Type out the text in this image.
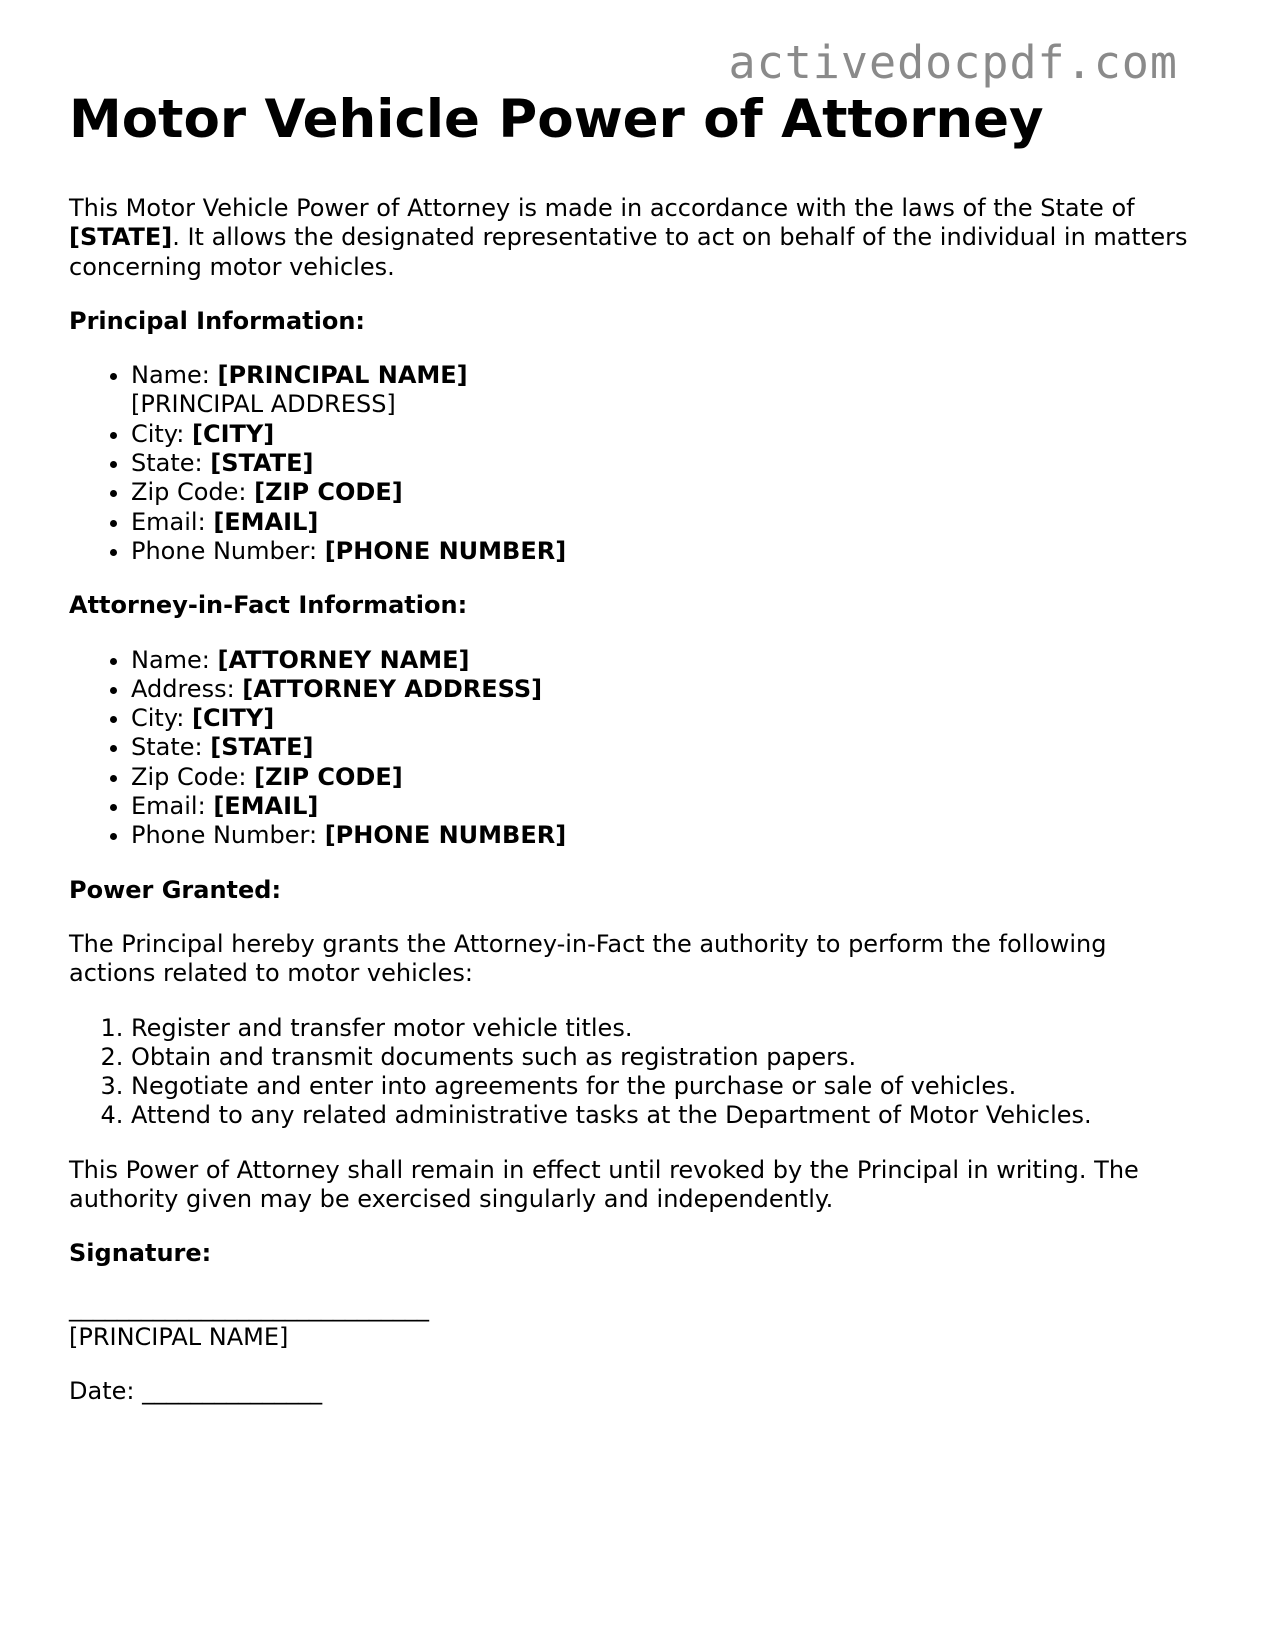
activedocpdf.com
Motor Vehicle Power of Attorney

This Motor Vehicle Power of Attorney is made in accordance with the laws of the State of [STATE]. It allows the designated representative to act on behalf of the individual in matters concerning motor vehicles.

Principal Information:

• Name: [PRINCIPAL NAME]
[PRINCIPAL ADDRESS]
• City: [CITY]
• State: [STATE]
• Zip Code: [ZIP CODE]
• Email: [EMAIL]
• Phone Number: [PHONE NUMBER]

Attorney-in-Fact Information:

• Name: [ATTORNEY NAME]
• Address: [ATTORNEY ADDRESS]
• City: [CITY]
• State: [STATE]
• Zip Code: [ZIP CODE]
• Email: [EMAIL]
• Phone Number: [PHONE NUMBER]

Power Granted:

The Principal hereby grants the Attorney-in-Fact the authority to perform the following actions related to motor vehicles:

1. Register and transfer motor vehicle titles.
2. Obtain and transmit documents such as registration papers.
3. Negotiate and enter into agreements for the purchase or sale of vehicles.
4. Attend to any related administrative tasks at the Department of Motor Vehicles.

This Power of Attorney shall remain in effect until revoked by the Principal in writing. The authority given may be exercised singularly and independently.

Signature:

______________________________

[PRINCIPAL NAME]

Date: _______________
